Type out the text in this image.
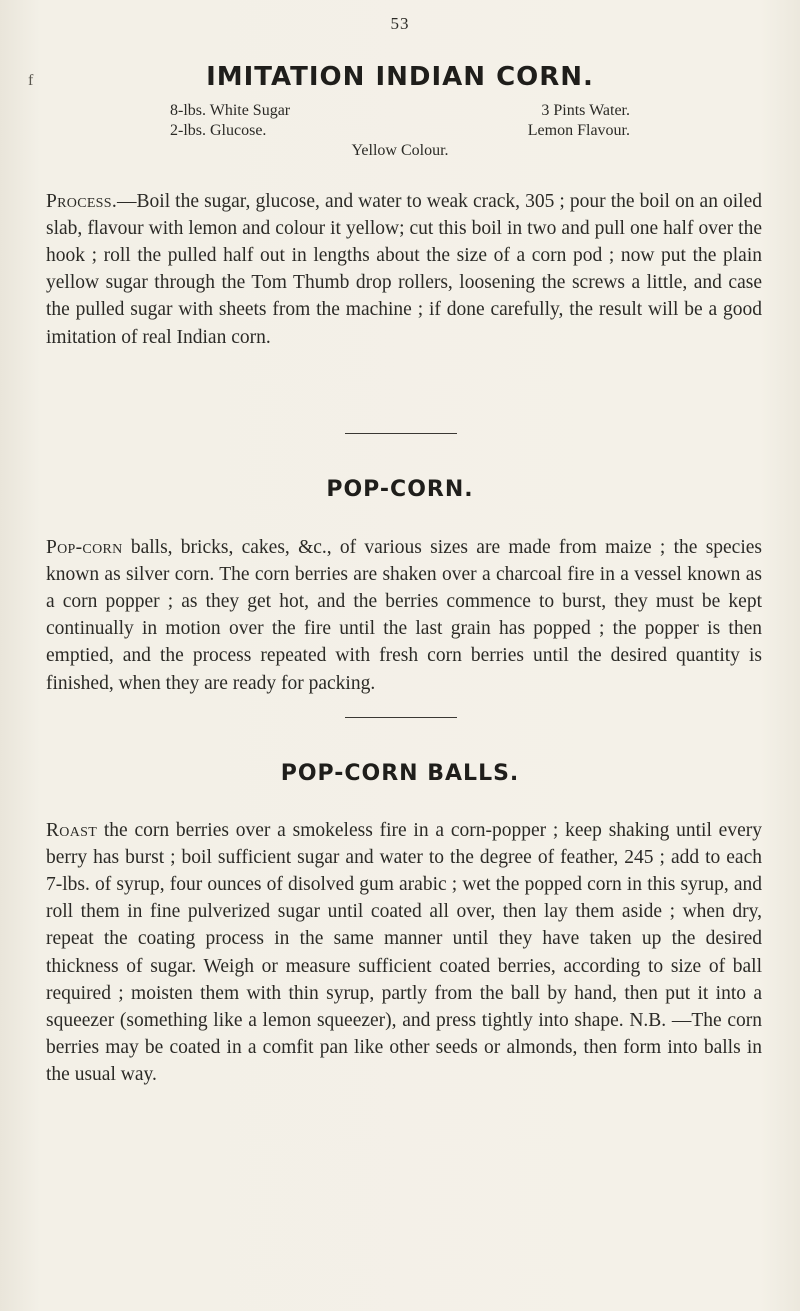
53
f	IMITATION INDIAN CORN.
8-lbs. White Sugar	3 Pints Water.
2-lbs. Glucose.	Lemon Flavour.
Yellow Colour.

Process.—Boil the sugar, glucose, and water to weak crack, 305 ; pour the boil on an oiled slab, flavour with lemon and colour it yellow; cut this boil in two and pull one half over the hook ; roll the pulled half out in lengths about the size of a corn pod ; now put the plain yellow sugar through the Tom Thumb drop rollers, loosening the screws a little, and case the pulled sugar with sheets from the machine ; if done carefully, the result will be a good imitation of real Indian corn.

POP-CORN.

Pop-corn balls, bricks, cakes, &c., of various sizes are made from maize ; the species known as silver corn. The corn berries are shaken over a charcoal fire in a vessel known as a corn popper ; as they get hot, and the berries commence to burst, they must be kept continually in motion over the fire until the last grain has popped ; the popper is then emptied, and the process repeated with fresh corn berries until the desired quantity is finished, when they are ready for packing.

POP-CORN BALLS.

Roast the corn berries over a smokeless fire in a corn-popper ; keep shaking until every berry has burst ; boil sufficient sugar and water to the degree of feather, 245 ; add to each 7-lbs. of syrup, four ounces of disolved gum arabic ; wet the popped corn in this syrup, and roll them in fine pulverized sugar until coated all over, then lay them aside ; when dry, repeat the coating process in the same manner until they have taken up the desired thickness of sugar. Weigh or measure sufficient coated berries, according to size of ball required ; moisten them with thin syrup, partly from the ball by hand, then put it into a squeezer (something like a lemon squeezer), and press tightly into shape. N.B. —The corn berries may be coated in a comfit pan like other seeds or almonds, then form into balls in the usual way.
